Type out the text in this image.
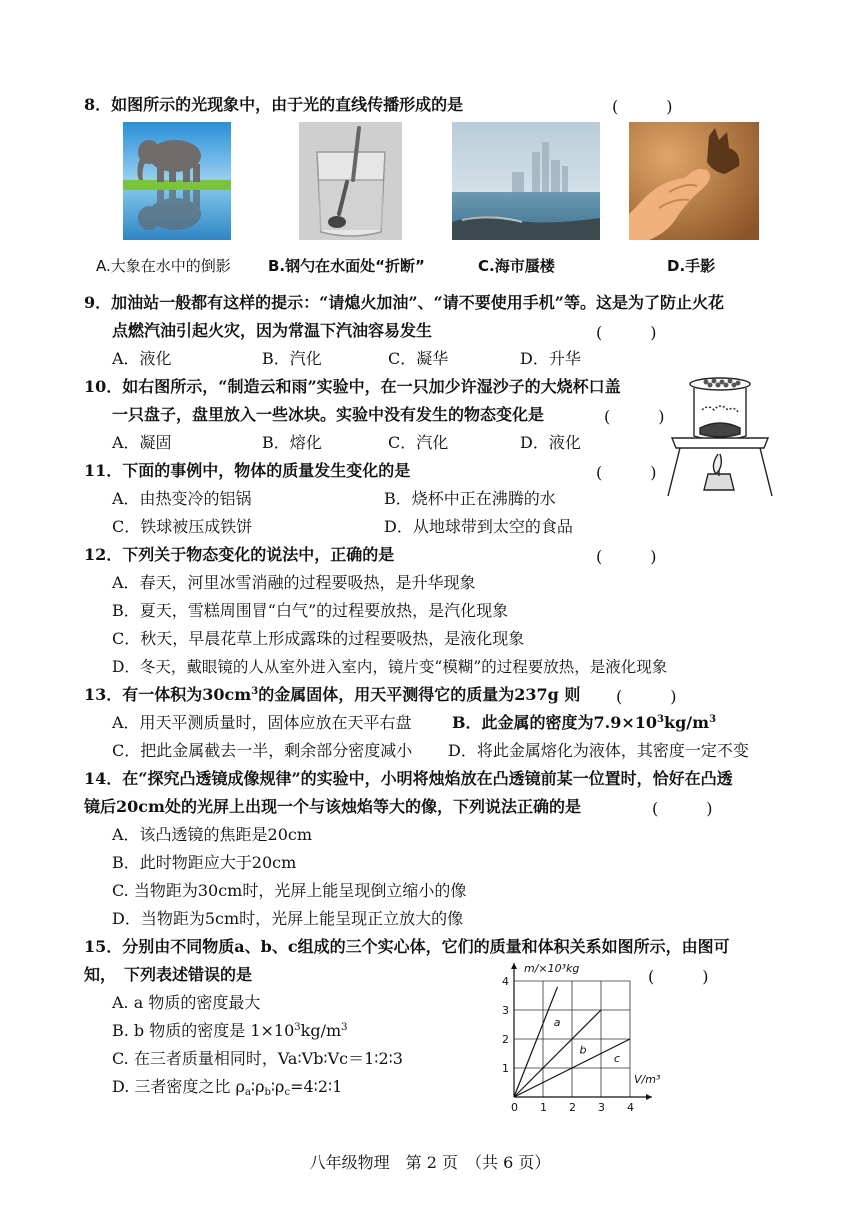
8．如图所示的光现象中，由于光的直线传播形成的是	(　　　)
A.大象在水中的倒影 B.钢勺在水面处“折断”	C.海市蜃楼	D.手影
9．加油站一般都有这样的提示：“请熄火加油”、“请不要使用手机”等。这是为了防止火花
点燃汽油引起火灾，因为常温下汽油容易发生	(　　　)
A．液化	B．汽化	C．凝华	D．升华
10．如右图所示，“制造云和雨”实验中，在一只加少许湿沙子的大烧杯口盖
一只盘子，盘里放入一些冰块。实验中没有发生的物态变化是	(　　　)
A．凝固	B．熔化	C．汽化	D．液化
11．下面的事例中，物体的质量发生变化的是	(　　　)
A．由热变冷的铝锅	B．烧杯中正在沸腾的水
C．铁球被压成铁饼	D．从地球带到太空的食品
12．下列关于物态变化的说法中，正确的是	(　　　)
A．春天，河里冰雪消融的过程要吸热，是升华现象
B．夏天，雪糕周围冒“白气”的过程要放热，是汽化现象
C．秋天，早晨花草上形成露珠的过程要吸热，是液化现象
D．冬天，戴眼镜的人从室外进入室内，镜片变“模糊”的过程要放热，是液化现象
13．有一体积为$30cm^3$的金属固体，用天平测得它的质量为237g 则 (　　　)
A．用天平测质量时，固体应放在天平右盘	B．此金属的密度为$7.9\times 10^3kg/m^3$
C．把此金属截去一半，剩余部分密度减小 D．将此金属熔化为液体，其密度一定不变
14．在“探究凸透镜成像规律”的实验中，小明将烛焰放在凸透镜前某一位置时，恰好在凸透
镜后20cm处的光屏上出现一个与该烛焰等大的像，下列说法正确的是	(　　　)
A．该凸透镜的焦距是20cm
B．此时物距应大于20cm
C. 当物距为30cm时，光屏上能呈现倒立缩小的像
D．当物距为5cm时，光屏上能呈现正立放大的像
15．分别由不同物质a、b、c组成的三个实心体，它们的质量和体积关系如图所示，由图可
知，　下列表述错误的是	(　　　)
A. a 物质的密度最大
B. b 物质的密度是 $1\times 10^3kg/m^3$
C. 在三者质量相同时，Va∶Vb∶Vc＝1∶2∶3
D. 三者密度之比 $\rho_a∶\rho_b∶\rho_c=4∶2∶1$
0 1 2 3 4
1
2
3
4
m/×10³kg
V/m³
a
b
c
八年级物理　第 2 页　（共 6 页）
